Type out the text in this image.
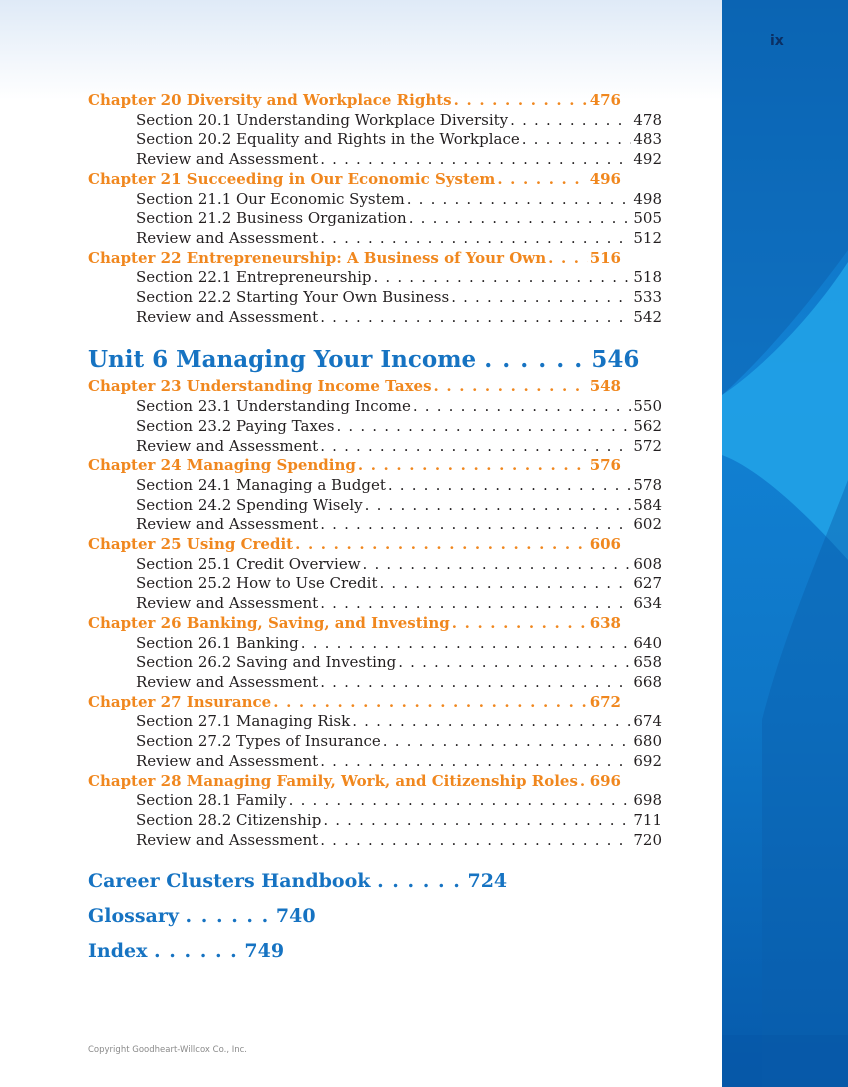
ix
Chapter 20 Diversity and Workplace Rights . . .	476
Section 20.1 Understanding Workplace Diversity . . .	478
Section 20.2 Equality and Rights in the Workplace . . .	483
Review and Assessment . . .	492
Chapter 21 Succeeding in Our Economic System . . .	496
Section 21.1 Our Economic System . . .	498
Section 21.2 Business Organization . . .	505
Review and Assessment . . .	512
Chapter 22 Entrepreneurship: A Business of Your Own . . .	516
Section 22.1 Entrepreneurship . . .	518
Section 22.2 Starting Your Own Business . . .	533
Review and Assessment . . .	542
Unit 6 Managing Your Income . . . . . . 546
Chapter 23 Understanding Income Taxes . . .	548
Section 23.1 Understanding Income . . .	550
Section 23.2 Paying Taxes . . .	562
Review and Assessment . . .	572
Chapter 24 Managing Spending . . .	576
Section 24.1 Managing a Budget . . .	578
Section 24.2 Spending Wisely . . .	584
Review and Assessment . . .	602
Chapter 25 Using Credit . . .	606
Section 25.1 Credit Overview . . .	608
Section 25.2 How to Use Credit . . .	627
Review and Assessment . . .	634
Chapter 26 Banking, Saving, and Investing . . .	638
Section 26.1 Banking . . .	640
Section 26.2 Saving and Investing . . .	658
Review and Assessment . . .	668
Chapter 27 Insurance . . .	672
Section 27.1 Managing Risk . . .	674
Section 27.2 Types of Insurance . . .	680
Review and Assessment . . .	692
Chapter 28 Managing Family, Work, and Citizenship Roles . . . 696
Section 28.1 Family . . .	698
Section 28.2 Citizenship . . .	711
Review and Assessment . . .	720
Career Clusters Handbook . . . . . . 724
Glossary . . . . . . 740
Index . . . . . . 749
Copyright Goodheart-Willcox Co., Inc.
